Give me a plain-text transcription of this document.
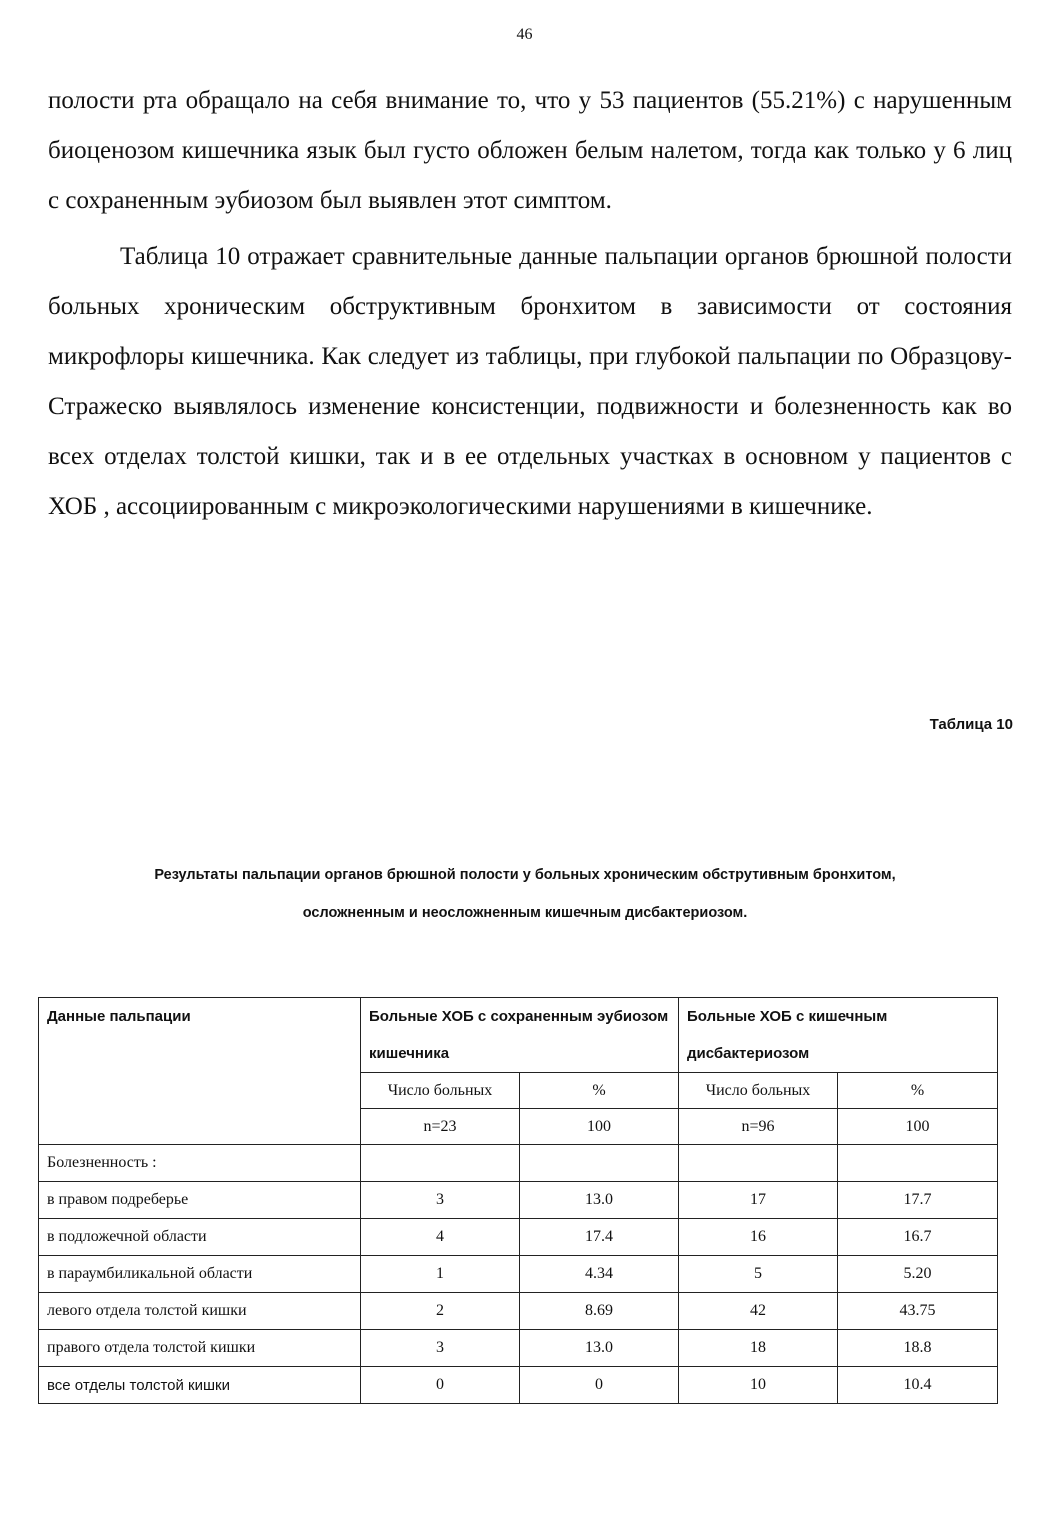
46

полости рта обращало на себя внимание то, что у 53 пациентов (55.21%) с нарушенным биоценозом кишечника язык был густо обложен белым налетом, тогда как только у 6 лиц с сохраненным эубиозом был выявлен этот симптом.

Таблица 10 отражает сравнительные данные пальпации органов брюшной полости больных хроническим обструктивным бронхитом в зависимости от состояния микрофлоры кишечника. Как следует из таблицы, при глубокой пальпации по Образцову-Стражеско выявлялось изменение консистенции, подвижности и болезненность как во всех отделах толстой кишки, так и в ее отдельных участках в основном у пациентов с ХОБ , ассоциированным с микроэкологическими нарушениями в кишечнике.

Таблица 10
Результаты пальпации органов брюшной полости у больных хроническим обструтивным бронхитом,
осложненным и неосложненным кишечным дисбактериозом.
Данные пальпации	Больные ХОБ с сохраненным эубиозом кишечника		Больные ХОБ с кишечным дисбактериозом	
	Число больных	%	Число больных	%
	n=23	100	n=96	100
Болезненность :				
в правом подреберье	3	13.0	17	17.7
в подложечной области	4	17.4	16	16.7
в параумбиликальной области	1	4.34	5	5.20
левого отдела толстой кишки	2	8.69	42	43.75
правого отдела толстой кишки	3	13.0	18	18.8
все отделы толстой кишки	0	0	10	10.4
